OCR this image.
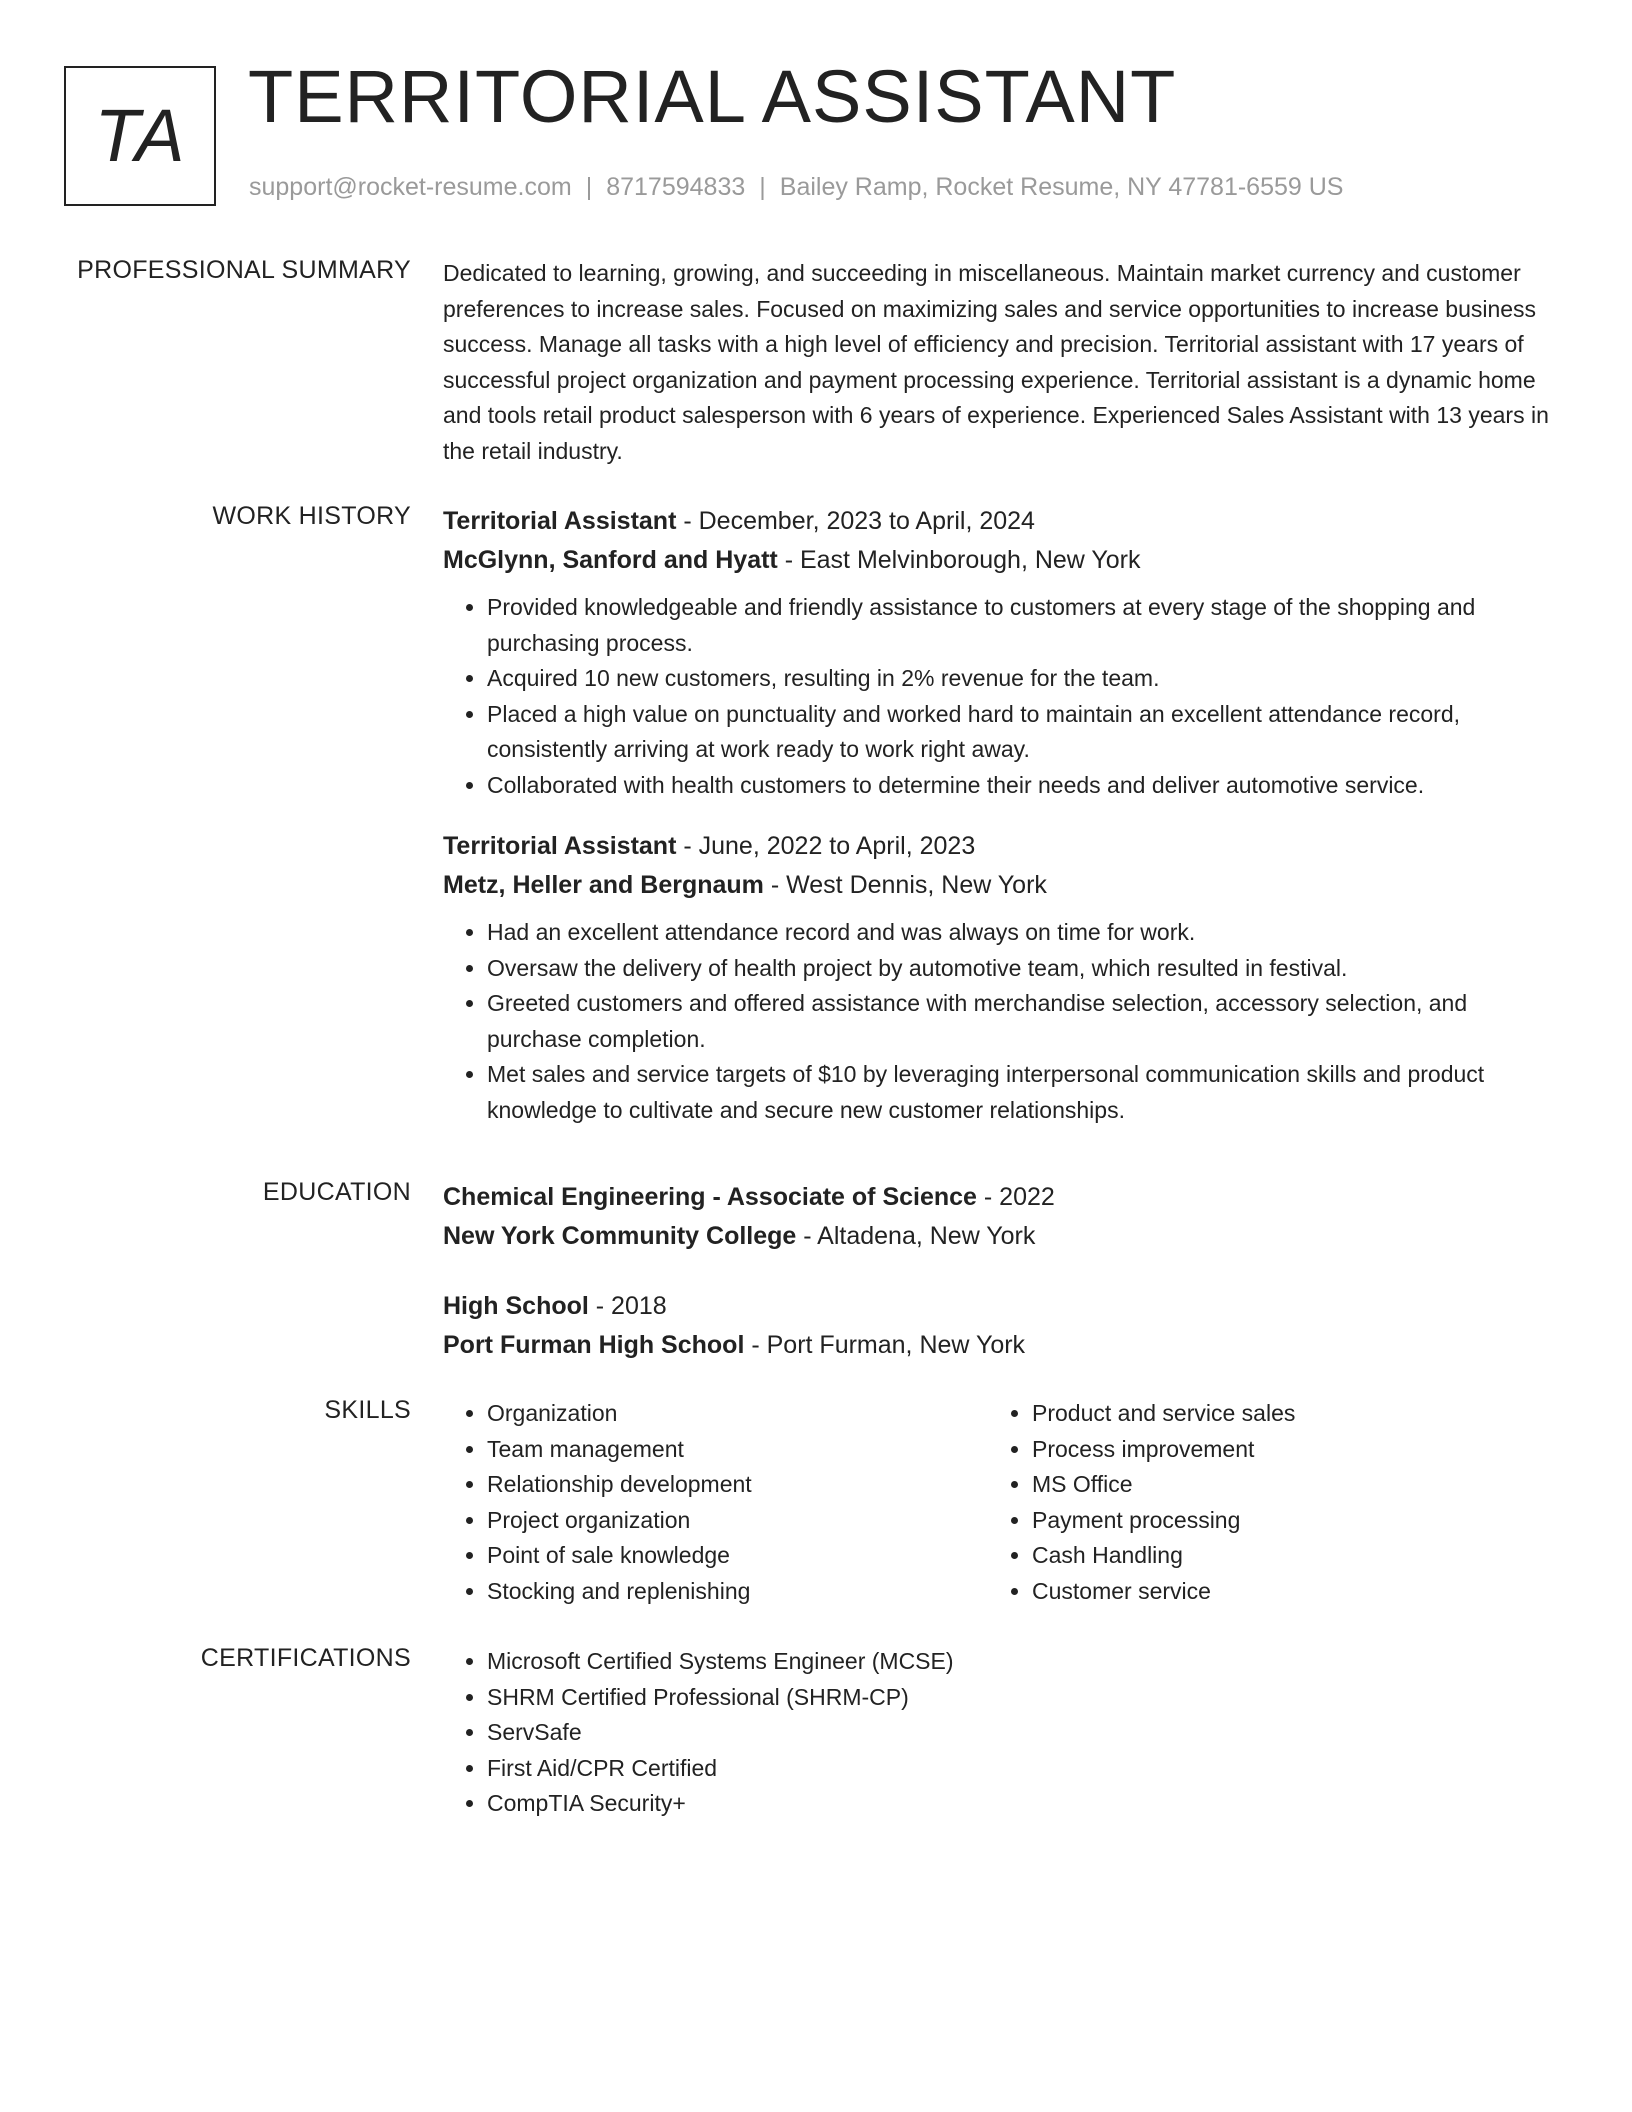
TA TERRITORIAL ASSISTANT
support@rocket-resume.com | 8717594833 | Bailey Ramp, Rocket Resume, NY 47781-6559 US
PROFESSIONAL SUMMARY Dedicated to learning, growing, and succeeding in miscellaneous. Maintain market currency and customer preferences to increase sales. Focused on maximizing sales and service opportunities to increase business success. Manage all tasks with a high level of efficiency and precision. Territorial assistant with 17 years of successful project organization and payment processing experience. Territorial assistant is a dynamic home and tools retail product salesperson with 6 years of experience. Experienced Sales Assistant with 13 years in the retail industry.

WORK HISTORY Territorial Assistant - December, 2023 to April, 2024
McGlynn, Sanford and Hyatt - East Melvinborough, New York
• Provided knowledgeable and friendly assistance to customers at every stage of the shopping and purchasing process.
• Acquired 10 new customers, resulting in 2% revenue for the team.
• Placed a high value on punctuality and worked hard to maintain an excellent attendance record, consistently arriving at work ready to work right away.
• Collaborated with health customers to determine their needs and deliver automotive service.
Territorial Assistant - June, 2022 to April, 2023
Metz, Heller and Bergnaum - West Dennis, New York
• Had an excellent attendance record and was always on time for work.
• Oversaw the delivery of health project by automotive team, which resulted in festival.
• Greeted customers and offered assistance with merchandise selection, accessory selection, and purchase completion.
• Met sales and service targets of $10 by leveraging interpersonal communication skills and product knowledge to cultivate and secure new customer relationships.
EDUCATION Chemical Engineering - Associate of Science - 2022
New York Community College - Altadena, New York
High School - 2018
Port Furman High School - Port Furman, New York
SKILLS	• Organization
• Team management
• Relationship development
• Project organization
• Point of sale knowledge
• Stocking and replenishing
• Product and service sales
• Process improvement
• MS Office
• Payment processing
• Cash Handling
• Customer service
CERTIFICATIONS	• Microsoft Certified Systems Engineer (MCSE)
• SHRM Certified Professional (SHRM-CP)
• ServSafe
• First Aid/CPR Certified
• CompTIA Security+
